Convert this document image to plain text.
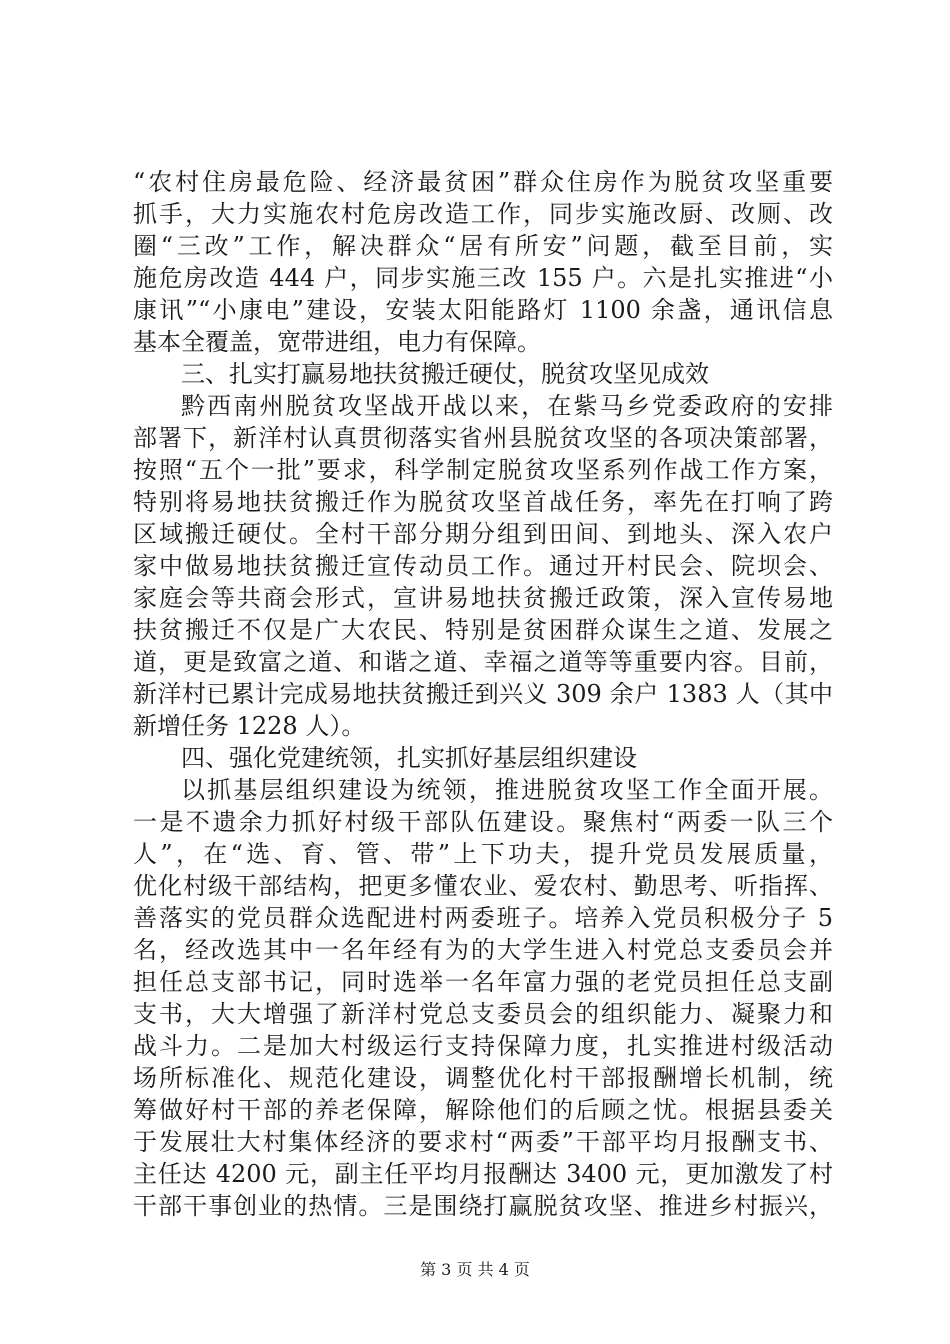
“农村住房最危险、经济最贫困”群众住房作为脱贫攻坚重要
抓手，大力实施农村危房改造工作，同步实施改厨、改厕、改
圈“三改”工作，解决群众“居有所安”问题，截至目前，实
施危房改造 444 户，同步实施三改 155 户。六是扎实推进“小
康讯”“小康电”建设，安装太阳能路灯 1100 余盏，通讯信息
基本全覆盖，宽带进组，电力有保障。
三、扎实打赢易地扶贫搬迁硬仗，脱贫攻坚见成效
黔西南州脱贫攻坚战开战以来，在紫马乡党委政府的安排
部署下，新洋村认真贯彻落实省州县脱贫攻坚的各项决策部署，
按照“五个一批”要求，科学制定脱贫攻坚系列作战工作方案，
特别将易地扶贫搬迁作为脱贫攻坚首战任务，率先在打响了跨
区域搬迁硬仗。全村干部分期分组到田间、到地头、深入农户
家中做易地扶贫搬迁宣传动员工作。通过开村民会、院坝会、
家庭会等共商会形式，宣讲易地扶贫搬迁政策，深入宣传易地
扶贫搬迁不仅是广大农民、特别是贫困群众谋生之道、发展之
道，更是致富之道、和谐之道、幸福之道等等重要内容。目前，
新洋村已累计完成易地扶贫搬迁到兴义 309 余户 1383 人（其中
新增任务 1228 人）。
四、强化党建统领，扎实抓好基层组织建设
以抓基层组织建设为统领，推进脱贫攻坚工作全面开展。
一是不遗余力抓好村级干部队伍建设。聚焦村“两委一队三个
人”，在“选、育、管、带”上下功夫，提升党员发展质量，
优化村级干部结构，把更多懂农业、爱农村、勤思考、听指挥、
善落实的党员群众选配进村两委班子。培养入党员积极分子 5
名，经改选其中一名年经有为的大学生进入村党总支委员会并
担任总支部书记，同时选举一名年富力强的老党员担任总支副
支书，大大增强了新洋村党总支委员会的组织能力、凝聚力和
战斗力。二是加大村级运行支持保障力度，扎实推进村级活动
场所标准化、规范化建设，调整优化村干部报酬增长机制，统
筹做好村干部的养老保障，解除他们的后顾之忧。根据县委关
于发展壮大村集体经济的要求村“两委”干部平均月报酬支书、
主任达 4200 元，副主任平均月报酬达 3400 元，更加激发了村
干部干事创业的热情。三是围绕打赢脱贫攻坚、推进乡村振兴，
第 3 页 共 4 页
